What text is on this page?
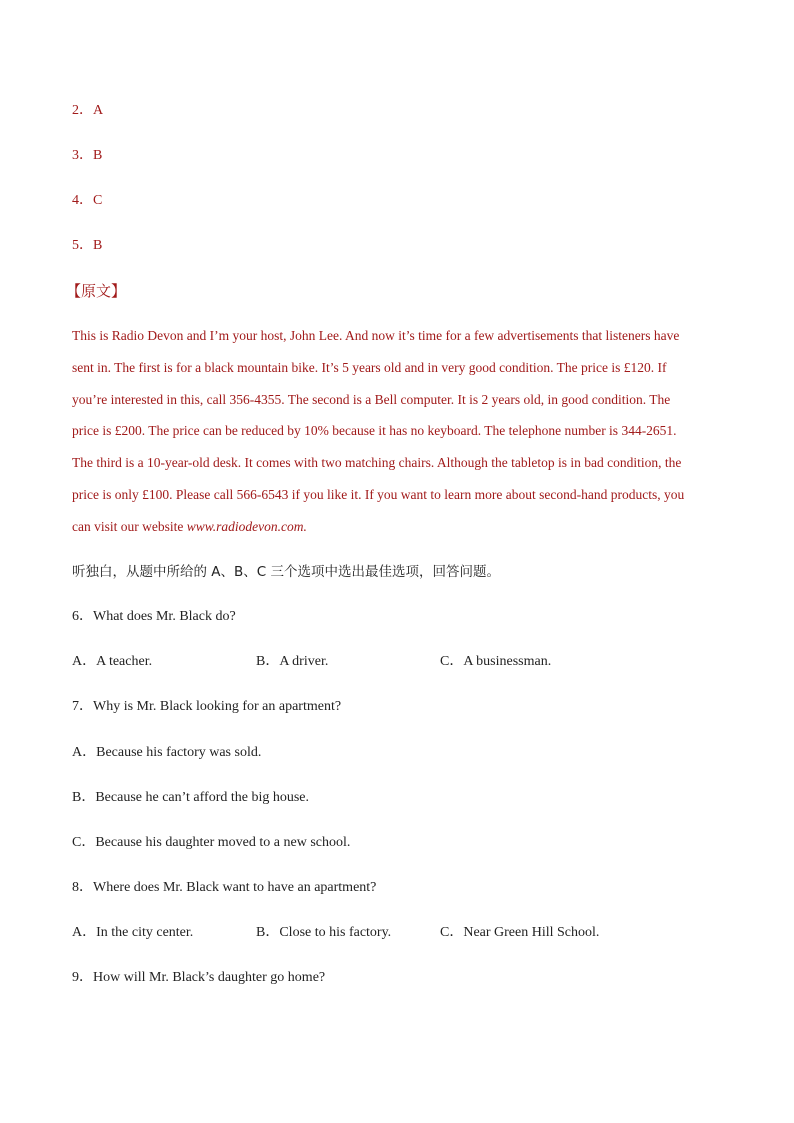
2．A
3．B
4．C
5．B
【原文】

This is Radio Devon and I’m your host, John Lee. And now it’s time for a few advertisements that listeners have

sent in. The first is for a black mountain bike. It’s 5 years old and in very good condition. The price is £120. If

you’re interested in this, call 356-4355. The second is a Bell computer. It is 2 years old, in good condition. The

price is £200. The price can be reduced by 10% because it has no keyboard. The telephone number is 344-2651.

The third is a 10-year-old desk. It comes with two matching chairs. Although the tabletop is in bad condition, the

price is only £100. Please call 566-6543 if you like it. If you want to learn more about second-hand products, you

can visit our website www.radiodevon.com.

听独白，从题中所给的 A、B、C 三个选项中选出最佳选项，回答问题。
6．What does Mr. Black do?
A．A teacher.	B．A driver.	C．A businessman.
7．Why is Mr. Black looking for an apartment?
A．Because his factory was sold.
B．Because he can’t afford the big house.
C．Because his daughter moved to a new school.
8．Where does Mr. Black want to have an apartment?
A．In the city center.	B．Close to his factory.	C．Near Green Hill School.
9．How will Mr. Black’s daughter go home?
